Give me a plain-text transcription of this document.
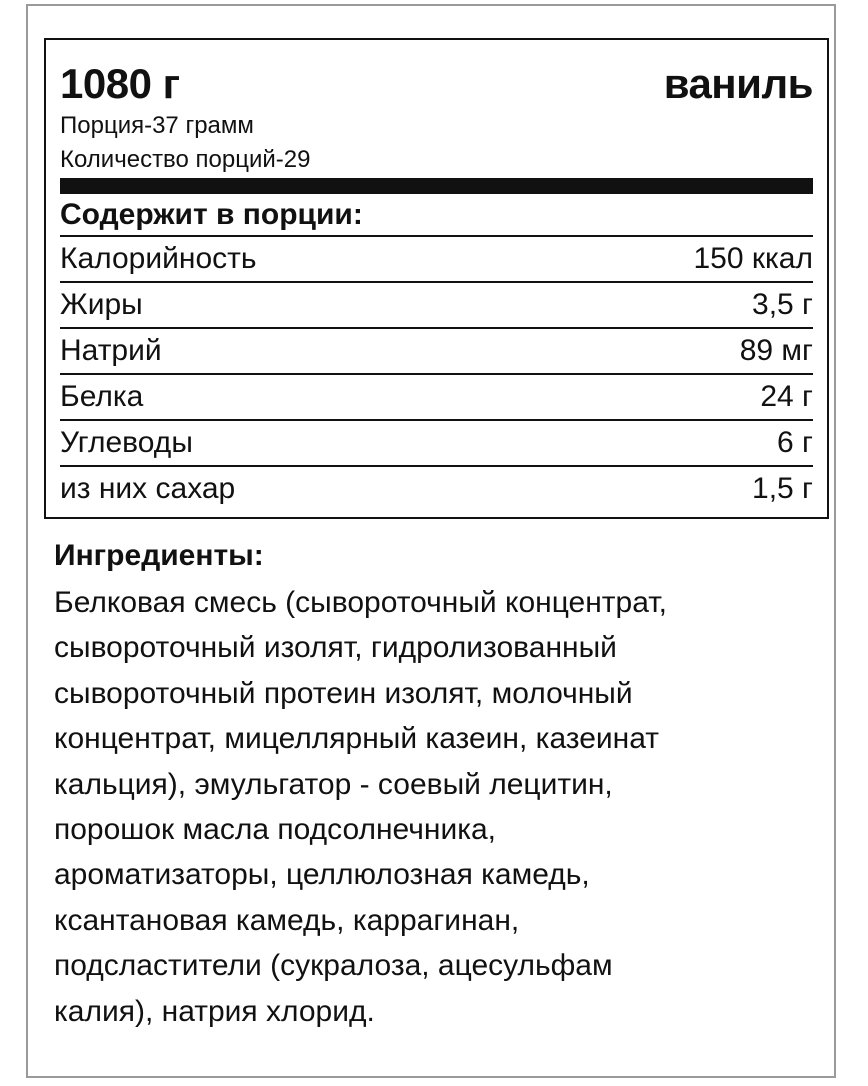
1080 г	ваниль
Порция-37 грамм
Количество порций-29
Содержит в порции:
Калорийность	150 ккал
Жиры	3,5 г
Натрий	89 мг
Белка	24 г
Углеводы	6 г
из них сахар	1,5 г
Ингредиенты:
Белковая смесь (сывороточный концентрат,
сывороточный изолят, гидролизованный
сывороточный протеин изолят, молочный
концентрат, мицеллярный казеин, казеинат
кальция), эмульгатор - соевый лецитин,
порошок масла подсолнечника,
ароматизаторы, целлюлозная камедь,
ксантановая камедь, каррагинан,
подсластители (сукралоза, ацесульфам
калия), натрия хлорид.
